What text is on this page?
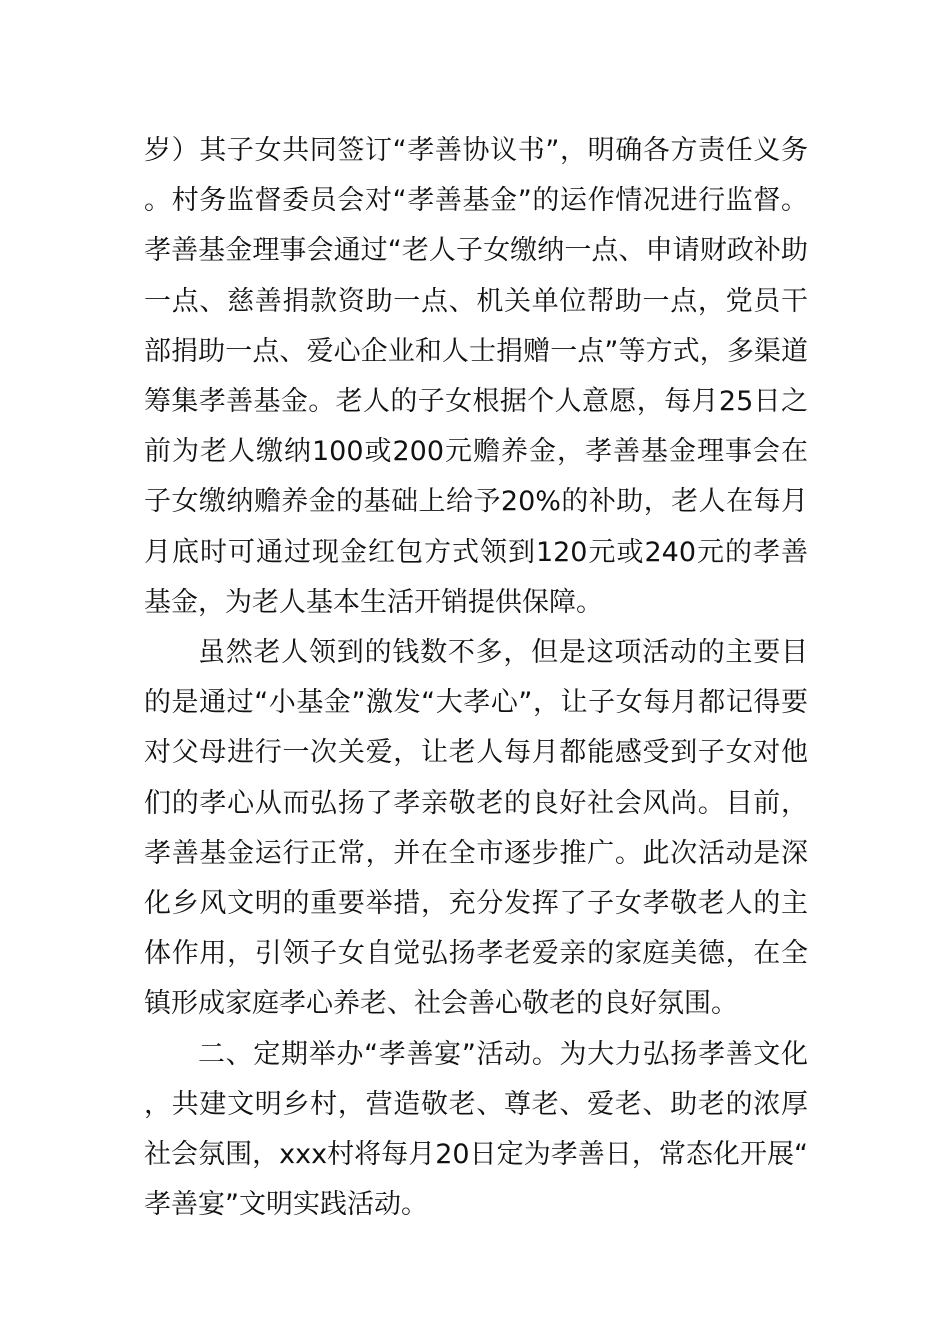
岁）其子女共同签订“孝善协议书”，明确各方责任义务。村务监督委员会对“孝善基金”的运作情况进行监督。孝善基金理事会通过“老人子女缴纳一点、申请财政补助一点、慈善捐款资助一点、机关单位帮助一点，党员干部捐助一点、爱心企业和人士捐赠一点”等方式，多渠道筹集孝善基金。老人的子女根据个人意愿，每月25日之前为老人缴纳100或200元赡养金，孝善基金理事会在子女缴纳赡养金的基础上给予20%的补助，老人在每月月底时可通过现金红包方式领到120元或240元的孝善基金，为老人基本生活开销提供保障。

虽然老人领到的钱数不多，但是这项活动的主要目的是通过“小基金”激发“大孝心”，让子女每月都记得要对父母进行一次关爱，让老人每月都能感受到子女对他们的孝心从而弘扬了孝亲敬老的良好社会风尚。目前，孝善基金运行正常，并在全市逐步推广。此次活动是深化乡风文明的重要举措，充分发挥了子女孝敬老人的主体作用，引领子女自觉弘扬孝老爱亲的家庭美德，在全镇形成家庭孝心养老、社会善心敬老的良好氛围。

二、定期举办“孝善宴”活动。为大力弘扬孝善文化，共建文明乡村，营造敬老、尊老、爱老、助老的浓厚社会氛围，xxx村将每月20日定为孝善日，常态化开展“孝善宴”文明实践活动。
